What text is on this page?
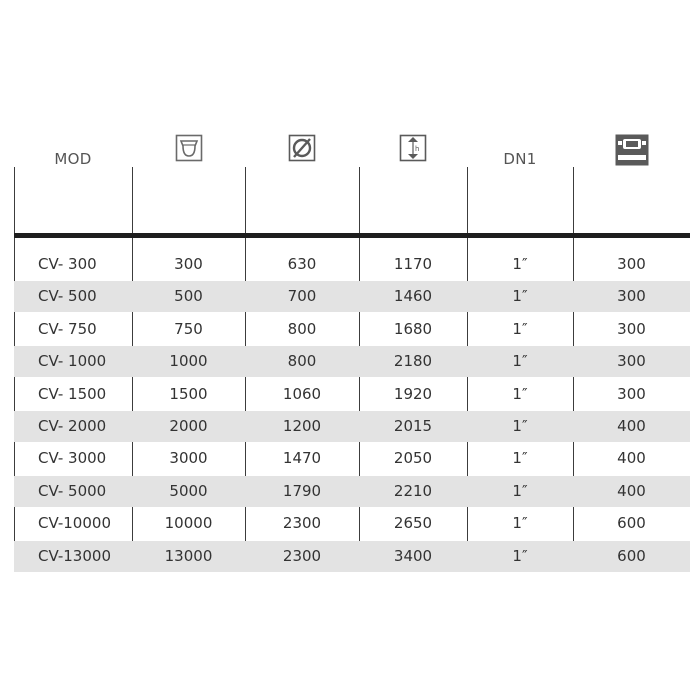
MOD
h
DN1
CV- 300	300	630	1170	1″	300
CV- 500	500	700	1460	1″	300
CV- 750	750	800	1680	1″	300
CV- 1000	1000	800	2180	1″	300
CV- 1500	1500	1060	1920	1″	300
CV- 2000	2000	1200	2015	1″	400
CV- 3000	3000	1470	2050	1″	400
CV- 5000	5000	1790	2210	1″	400
CV-10000	10000	2300	2650	1″	600
CV-13000	13000	2300	3400	1″	600
